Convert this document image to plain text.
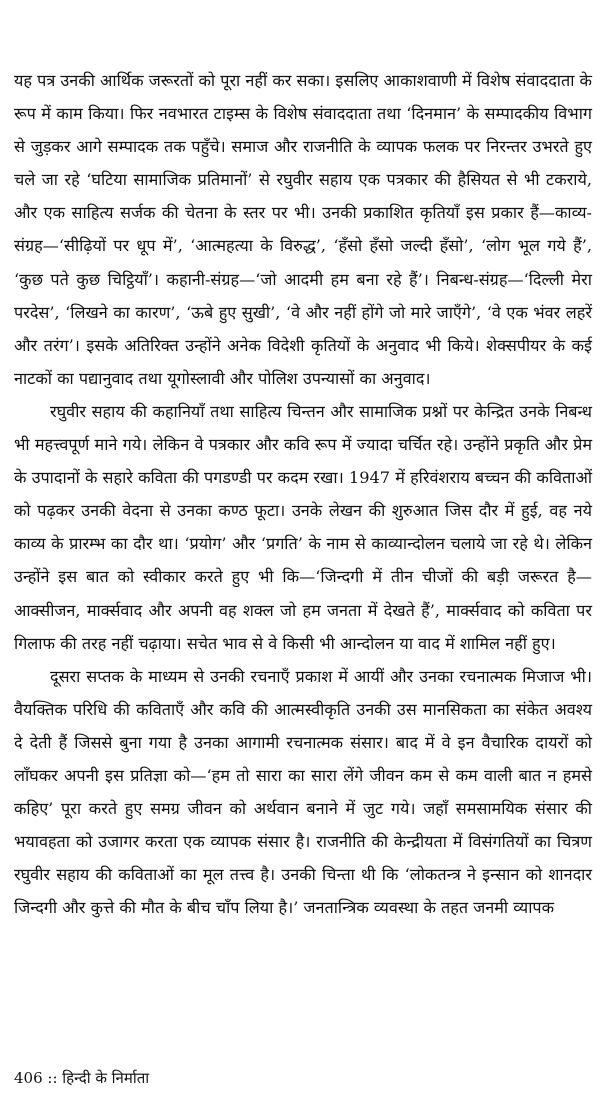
यह पत्र उनकी आर्थिक जरूरतों को पूरा नहीं कर सका। इसलिए आकाशवाणी में विशेष संवाददाता के रूप में काम किया। फिर नवभारत टाइम्स के विशेष संवाददाता तथा ‘दिनमान’ के सम्पादकीय विभाग से जुड़कर आगे सम्पादक तक पहुँचे। समाज और राजनीति के व्यापक फलक पर निरन्तर उभरते हुए चले जा रहे ‘घटिया सामाजिक प्रतिमानों’ से रघुवीर सहाय एक पत्रकार की हैसियत से भी टकराये, और एक साहित्य सर्जक की चेतना के स्तर पर भी। उनकी प्रकाशित कृतियाँ इस प्रकार हैं—काव्य-संग्रह—‘सीढ़ियों पर धूप में’, ‘आत्महत्या के विरुद्ध’, ‘हँसो हँसो जल्दी हँसो’, ‘लोग भूल गये हैं’, ‘कुछ पते कुछ चिट्ठियाँ’। कहानी-संग्रह—‘जो आदमी हम बना रहे हैं’। निबन्ध-संग्रह—‘दिल्ली मेरा परदेस’, ‘लिखने का कारण’, ‘ऊबे हुए सुखी’, ‘वे और नहीं होंगे जो मारे जाएँगे’, ‘वे एक भंवर लहरें और तरंग’। इसके अतिरिक्त उन्होंने अनेक विदेशी कृतियों के अनुवाद भी किये। शेक्सपीयर के कई नाटकों का पद्यानुवाद तथा यूगोस्लावी और पोलिश उपन्यासों का अनुवाद।

रघुवीर सहाय की कहानियाँ तथा साहित्य चिन्तन और सामाजिक प्रश्नों पर केन्द्रित उनके निबन्ध भी महत्त्वपूर्ण माने गये। लेकिन वे पत्रकार और कवि रूप में ज्यादा चर्चित रहे। उन्होंने प्रकृति और प्रेम के उपादानों के सहारे कविता की पगडण्डी पर कदम रखा। 1947 में हरिवंशराय बच्चन की कविताओं को पढ़कर उनकी वेदना से उनका कण्ठ फूटा। उनके लेखन की शुरुआत जिस दौर में हुई, वह नये काव्य के प्रारम्भ का दौर था। ‘प्रयोग’ और ‘प्रगति’ के नाम से काव्यान्दोलन चलाये जा रहे थे। लेकिन उन्होंने इस बात को स्वीकार करते हुए भी कि—‘जिन्दगी में तीन चीजों की बड़ी जरूरत है—आक्सीजन, मार्क्सवाद और अपनी वह शक्ल जो हम जनता में देखते हैं’, मार्क्सवाद को कविता पर गिलाफ की तरह नहीं चढ़ाया। सचेत भाव से वे किसी भी आन्दोलन या वाद में शामिल नहीं हुए।

दूसरा सप्तक के माध्यम से उनकी रचनाएँ प्रकाश में आयीं और उनका रचनात्मक मिजाज भी। वैयक्तिक परिधि की कविताएँ और कवि की आत्मस्वीकृति उनकी उस मानसिकता का संकेत अवश्य दे देती हैं जिससे बुना गया है उनका आगामी रचनात्मक संसार। बाद में वे इन वैचारिक दायरों को लाँघकर अपनी इस प्रतिज्ञा को—‘हम तो सारा का सारा लेंगे जीवन कम से कम वाली बात न हमसे कहिए’ पूरा करते हुए समग्र जीवन को अर्थवान बनाने में जुट गये। जहाँ समसामयिक संसार की भयावहता को उजागर करता एक व्यापक संसार है। राजनीति की केन्द्रीयता में विसंगतियों का चित्रण रघुवीर सहाय की कविताओं का मूल तत्त्व है। उनकी चिन्ता थी कि ‘लोकतन्त्र ने इन्सान को शानदार जिन्दगी और कुत्ते की मौत के बीच चाँप लिया है।’ जनतान्त्रिक व्यवस्था के तहत जनमी व्यापक

406 :: हिन्दी के निर्माता
